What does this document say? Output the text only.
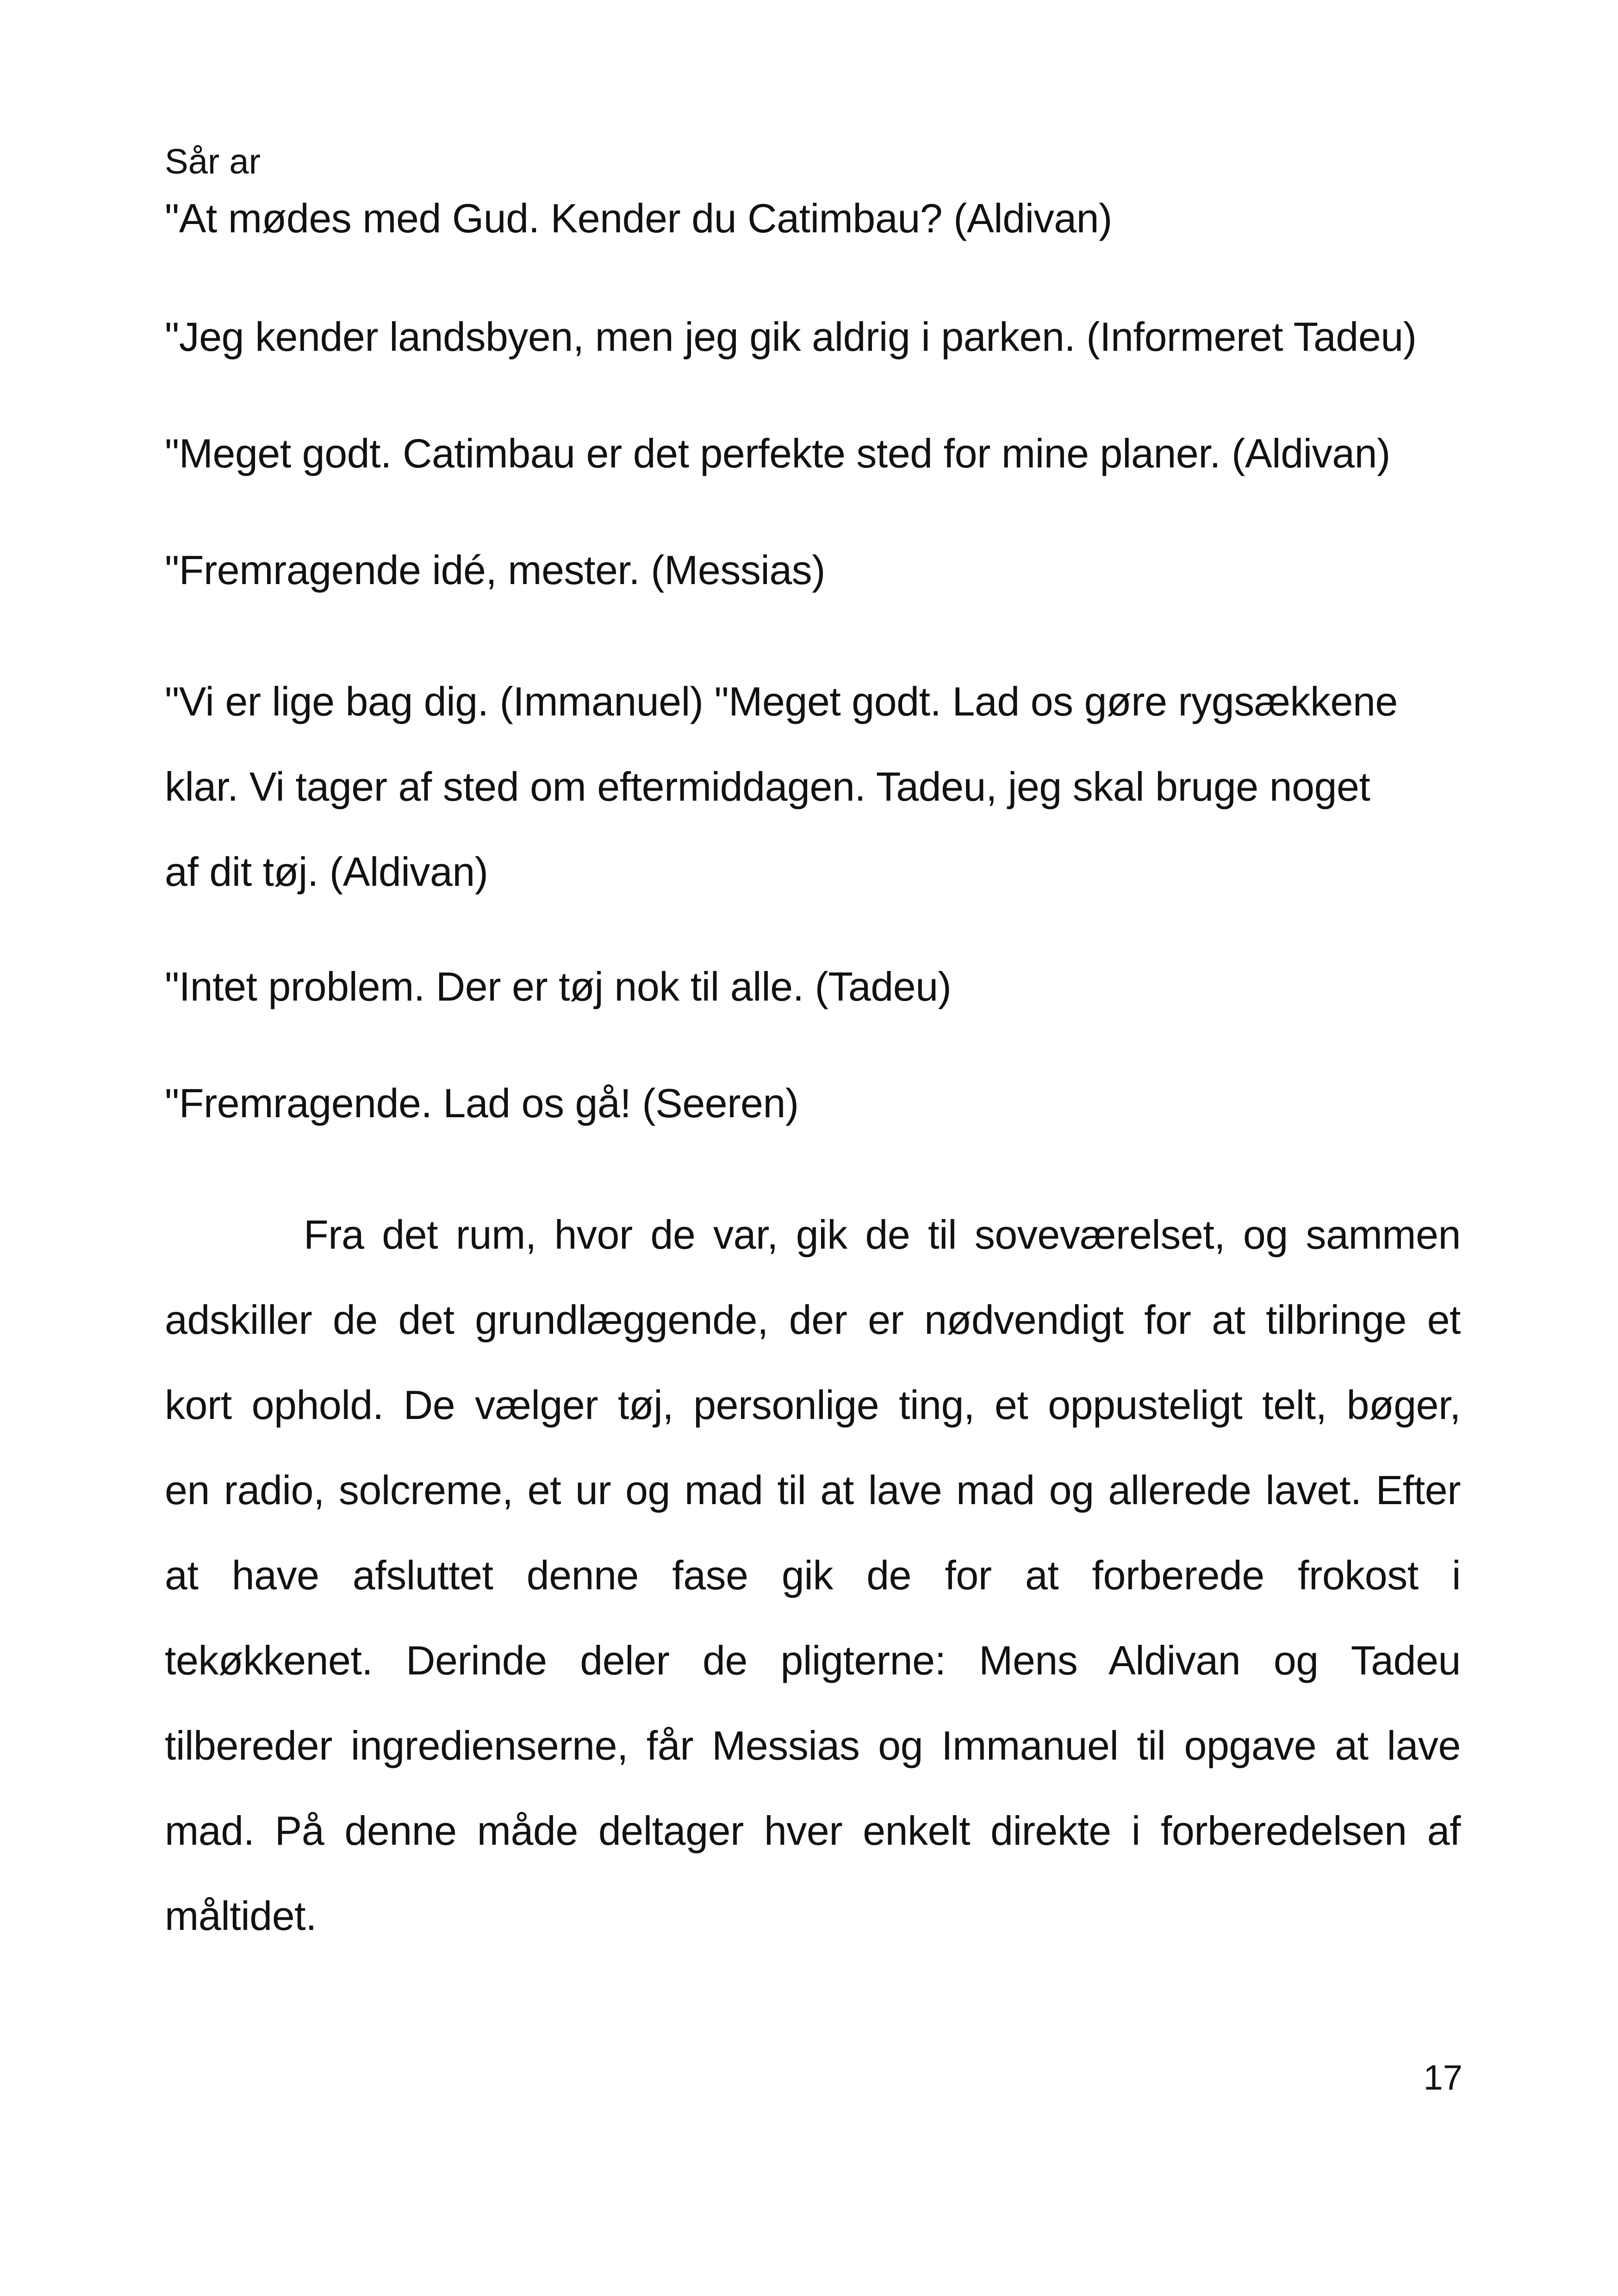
Sår ar

"At mødes med Gud. Kender du Catimbau? (Aldivan)

"Jeg kender landsbyen, men jeg gik aldrig i parken. (Informeret Tadeu)

"Meget godt. Catimbau er det perfekte sted for mine planer. (Aldivan)

"Fremragende idé, mester. (Messias)

"Vi er lige bag dig. (Immanuel) "Meget godt. Lad os gøre rygsækkene
klar. Vi tager af sted om eftermiddagen. Tadeu, jeg skal bruge noget
af dit tøj. (Aldivan)

"Intet problem. Der er tøj nok til alle. (Tadeu)

"Fremragende. Lad os gå! (Seeren)

Fra det rum, hvor de var, gik de til soveværelset, og sammen
adskiller de det grundlæggende, der er nødvendigt for at tilbringe et
kort ophold. De vælger tøj, personlige ting, et oppusteligt telt, bøger,
en radio, solcreme, et ur og mad til at lave mad og allerede lavet. Efter
at have afsluttet denne fase gik de for at forberede frokost i
tekøkkenet. Derinde deler de pligterne: Mens Aldivan og Tadeu
tilbereder ingredienserne, får Messias og Immanuel til opgave at lave
mad. På denne måde deltager hver enkelt direkte i forberedelsen af
måltidet.

17
